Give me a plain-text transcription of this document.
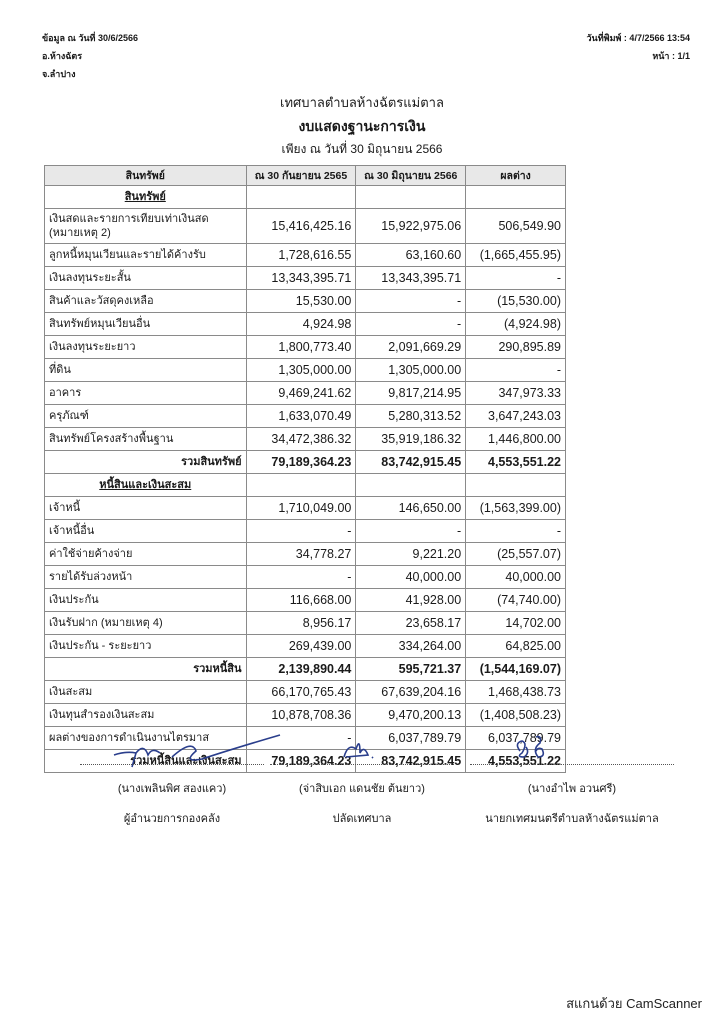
ข้อมูล ณ วันที่ 30/6/2566
อ.ห้างฉัตร
จ.ลำปาง
วันที่พิมพ์ : 4/7/2566 13:54
หน้า : 1/1
เทศบาลตำบลห้างฉัตรแม่ตาล
งบแสดงฐานะการเงิน
เพียง ณ วันที่ 30 มิถุนายน 2566
สินทรัพย์	ณ 30 กันยายน 2565	ณ 30 มิถุนายน 2566	ผลต่าง
สินทรัพย์			
เงินสดและรายการเทียบเท่าเงินสด (หมายเหตุ 2)	15,416,425.16	15,922,975.06	506,549.90
ลูกหนี้หมุนเวียนและรายได้ค้างรับ	1,728,616.55	63,160.60	(1,665,455.95)
เงินลงทุนระยะสั้น	13,343,395.71	13,343,395.71	-
สินค้าและวัสดุคงเหลือ	15,530.00	-	(15,530.00)
สินทรัพย์หมุนเวียนอื่น	4,924.98	-	(4,924.98)
เงินลงทุนระยะยาว	1,800,773.40	2,091,669.29	290,895.89
ที่ดิน	1,305,000.00	1,305,000.00	-
อาคาร	9,469,241.62	9,817,214.95	347,973.33
ครุภัณฑ์	1,633,070.49	5,280,313.52	3,647,243.03
สินทรัพย์โครงสร้างพื้นฐาน	34,472,386.32	35,919,186.32	1,446,800.00
รวมสินทรัพย์	79,189,364.23	83,742,915.45	4,553,551.22
หนี้สินและเงินสะสม			
เจ้าหนี้	1,710,049.00	146,650.00	(1,563,399.00)
เจ้าหนี้อื่น	-	-	-
ค่าใช้จ่ายค้างจ่าย	34,778.27	9,221.20	(25,557.07)
รายได้รับล่วงหน้า	-	40,000.00	40,000.00
เงินประกัน	116,668.00	41,928.00	(74,740.00)
เงินรับฝาก (หมายเหตุ 4)	8,956.17	23,658.17	14,702.00
เงินประกัน - ระยะยาว	269,439.00	334,264.00	64,825.00
รวมหนี้สิน	2,139,890.44	595,721.37	(1,544,169.07)
เงินสะสม	66,170,765.43	67,639,204.16	1,468,438.73
เงินทุนสำรองเงินสะสม	10,878,708.36	9,470,200.13	(1,408,508.23)
ผลต่างของการดำเนินงานไตรมาส	-	6,037,789.79	6,037,789.79
รวมหนี้สินและเงินสะสม	79,189,364.23	83,742,915.45	4,553,551.22
(นางเพลินพิศ สองแคว)
ผู้อำนวยการกองคลัง
(จ่าสิบเอก แดนชัย ต้นยาว)
ปลัดเทศบาล
(นางอำไพ อวนศรี)
นายกเทศมนตรีตำบลห้างฉัตรแม่ตาล
สแกนด้วย CamScanner
